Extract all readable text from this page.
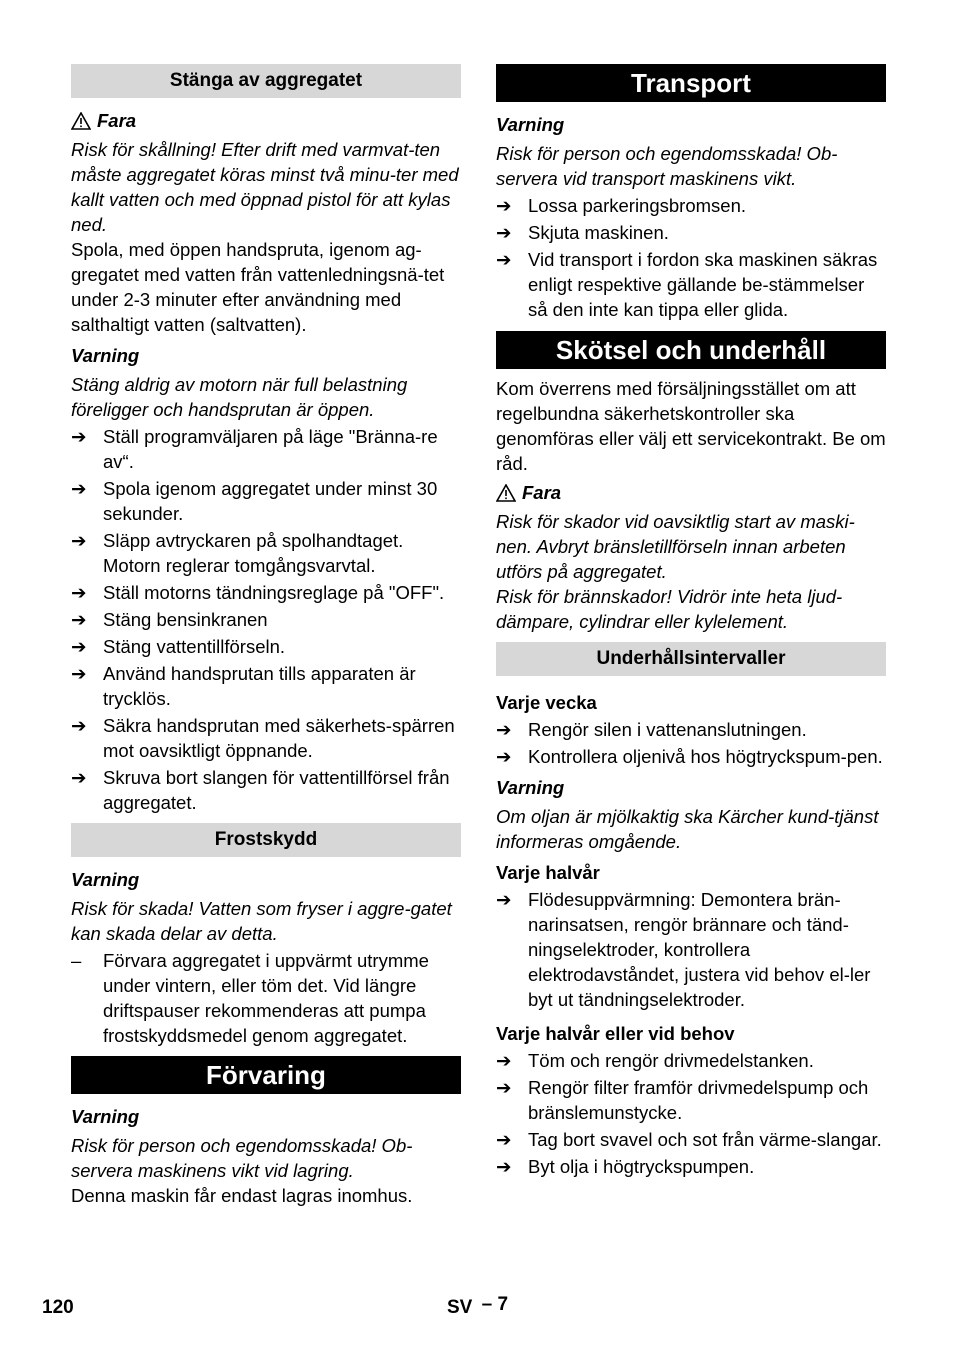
Stänga av aggregatet
Fara
Risk för skållning! Efter drift med varmvat-ten måste aggregatet köras minst två minu-ter med kallt vatten och med öppnad pistol för att kylas ned.
Spola, med öppen handspruta, igenom ag-gregatet med vatten från vattenledningsnä-tet under 2-3 minuter efter användning med salthaltigt vatten (saltvatten).
Varning
Stäng aldrig av motorn när full belastning föreligger och handsprutan är öppen.
➔ Ställ programväljaren på läge "Bränna-re av“.
➔ Spola igenom aggregatet under minst 30 sekunder.
➔ Släpp avtryckaren på spolhandtaget. Motorn reglerar tomgångsvarvtal.
➔ Ställ motorns tändningsreglage på "OFF".
➔ Stäng bensinkranen
➔ Stäng vattentillförseln.
➔ Använd handsprutan tills apparaten är trycklös.
➔ Säkra handsprutan med säkerhets-spärren mot oavsiktligt öppnande.
➔ Skruva bort slangen för vattentillförsel från aggregatet.
Frostskydd
Varning
Risk för skada! Vatten som fryser i aggre-gatet kan skada delar av detta.
–	Förvara aggregatet i uppvärmt utrymme under vintern, eller töm det. Vid längre driftspauser rekommenderas att pumpa frostskyddsmedel genom aggregatet.
Förvaring
Varning
Risk för person och egendomsskada! Ob-servera maskinens vikt vid lagring.
Denna maskin får endast lagras inomhus.
Transport
Varning
Risk för person och egendomsskada! Ob-servera vid transport maskinens vikt.
➔ Lossa parkeringsbromsen.
➔ Skjuta maskinen.
➔ Vid transport i fordon ska maskinen säkras enligt respektive gällande be-stämmelser så den inte kan tippa eller glida.
Skötsel och underhåll
Kom överrens med försäljningsstället om att regelbundna säkerhetskontroller ska genomföras eller välj ett servicekontrakt. Be om råd.
Fara
Risk för skador vid oavsiktlig start av maski-nen. Avbryt bränsletillförseln innan arbeten utförs på aggregatet.
Risk för brännskador! Vidrör inte heta ljud-dämpare, cylindrar eller kylelement.
Underhållsintervaller
Varje vecka
➔ Rengör silen i vattenanslutningen.
➔ Kontrollera oljenivå hos högtryckspum-pen.
Varning
Om oljan är mjölkaktig ska Kärcher kund-tjänst informeras omgående.
Varje halvår
➔ Flödesuppvärmning: Demontera brän-narinsatsen, rengör brännare och tänd-ningselektroder, kontrollera elektrodavståndet, justera vid behov el-ler byt ut tändningselektroder.
Varje halvår eller vid behov
➔ Töm och rengör drivmedelstanken.
➔ Rengör filter framför drivmedelspump och bränslemunstycke.
➔ Tag bort svavel och sot från värme-slangar.
➔ Byt olja i högtryckspumpen.
120	SV – 7
